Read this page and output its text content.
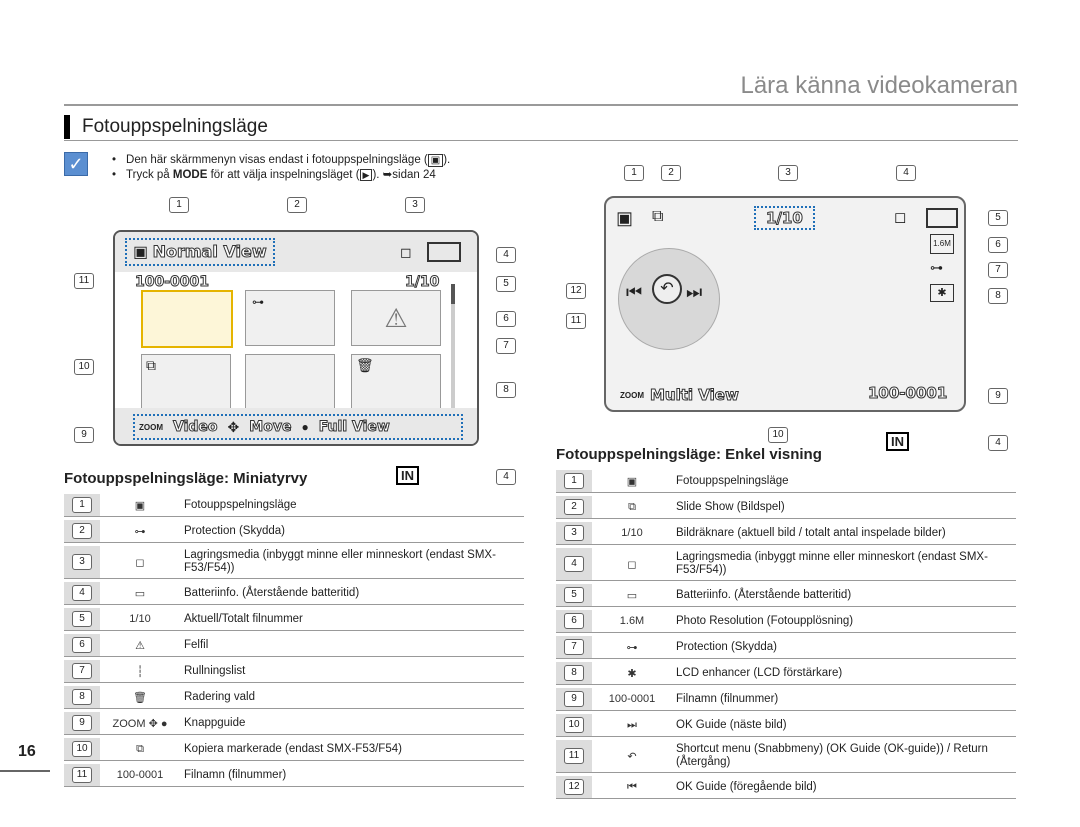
Lära känna videokameran
Fotouppspelningsläge
✓
•	Den här skärmmenyn visas endast i fotouppspelningsläge ( ▣ ).
• Tryck på MODE för att välja inspelningsläget ( ▶ ). ➥sidan 24
▣ Normal View	◻
100-0001	1/10
⊶
⚠
⧉	🗑
ZOOM Video ✥ Move ● Full View
1	2	3
4
5
6
7
8
9
10
11
▣ ⧉	1/10	◻
1.6M
⊶
✱
⏮	↶ ⏭
ZOOM Multi View	100-0001
1	2	3	4
5
6
7
8
9
10
11
12
Fotouppspelningsläge: Miniatyrvy	IN	4
1	▣	Fotouppspelningsläge
2	⊶	Protection (Skydda)
3	◻
Lagringsmedia (inbyggt minne eller minneskort (endast SMX-F53/F54))
4	▭	Batteriinfo. (Återstående batteritid)
5	1/10	Aktuell/Totalt filnummer
6	⚠	Felfil
7	┆	Rullningslist
8	🗑	Radering vald
9	ZOOM ✥ ●	Knappguide
10	⧉	Kopiera markerade (endast SMX-F53/F54)
11	100-0001	Filnamn (filnummer)
Fotouppspelningsläge: Enkel visning
IN	4
1	▣	Fotouppspelningsläge
2	⧉	Slide Show (Bildspel)
3	1/10	Bildräknare (aktuell bild / totalt antal inspelade bilder)
4	◻
Lagringsmedia (inbyggt minne eller minneskort (endast SMX-F53/F54))
5	▭	Batteriinfo. (Återstående batteritid)
6	1.6M	Photo Resolution (Fotoupplösning)
7	⊶	Protection (Skydda)
8	✱	LCD enhancer (LCD förstärkare)
9	100-0001	Filnamn (filnummer)
10	⏭	OK Guide (näste bild)
11	↶
Shortcut menu (Snabbmeny) (OK Guide (OK-guide)) / Return (Återgång)
12	⏮	OK Guide (föregående bild)
16
